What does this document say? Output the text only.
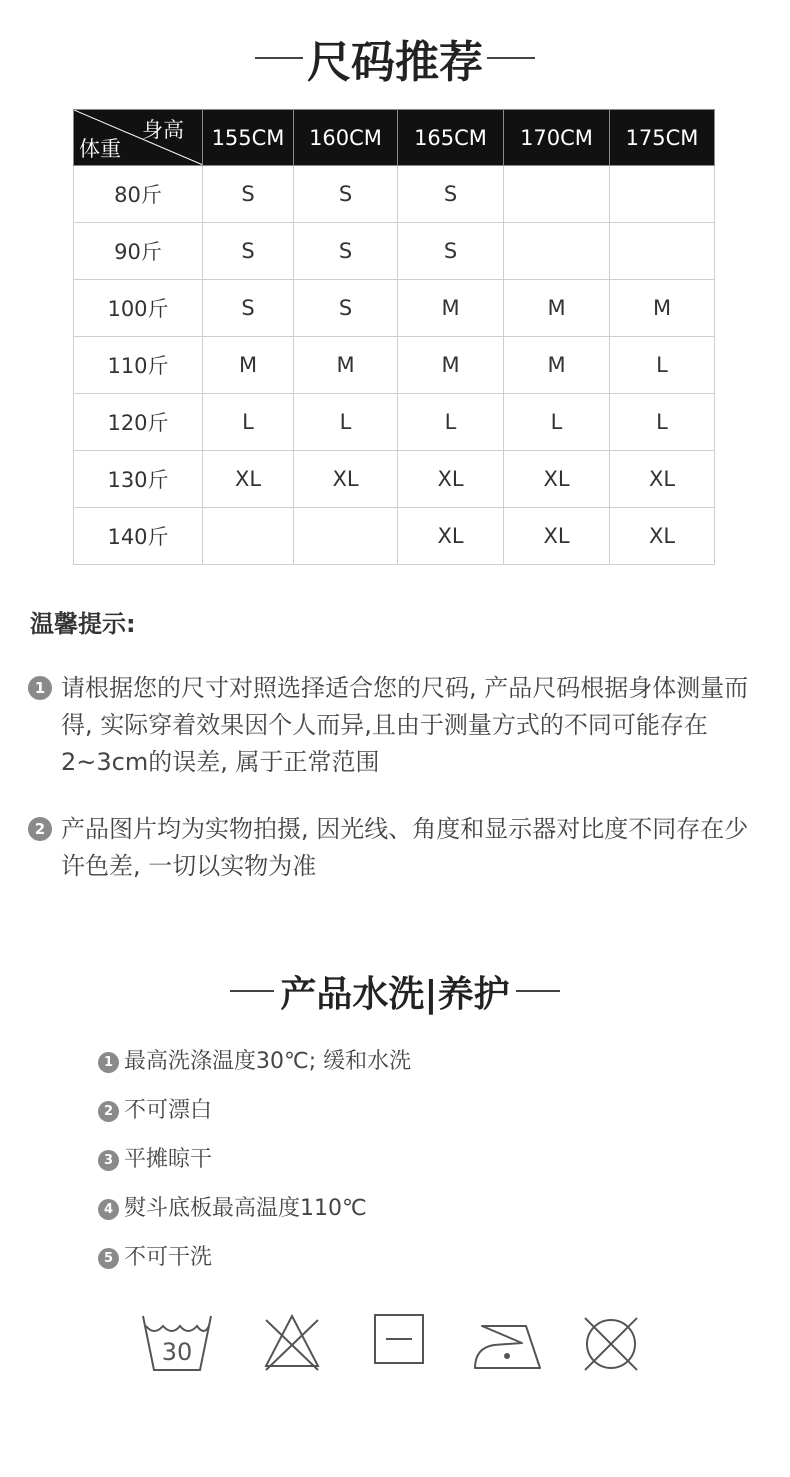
尺码推荐
身高
体重	155CM	160CM	165CM	170CM	175CM
80斤	S	S	S		
90斤	S	S	S		
100斤	S	S	M	M	M
110斤	M	M	M	M	L
120斤	L	L	L	L	L
130斤	XL	XL	XL	XL	XL
140斤			XL	XL	XL
温馨提示:
1 请根据您的尺寸对照选择适合您的尺码, 产品尺码根据身体测量而得, 实际穿着效果因个人而异,且由于测量方式的不同可能存在2~3cm的误差, 属于正常范围
2 产品图片均为实物拍摄, 因光线、角度和显示器对比度不同存在少许色差, 一切以实物为准
产品水洗|养护
1 最高洗涤温度30℃; 缓和水洗
2 不可漂白
3 平摊晾干
4 熨斗底板最高温度110℃
5 不可干洗
30
